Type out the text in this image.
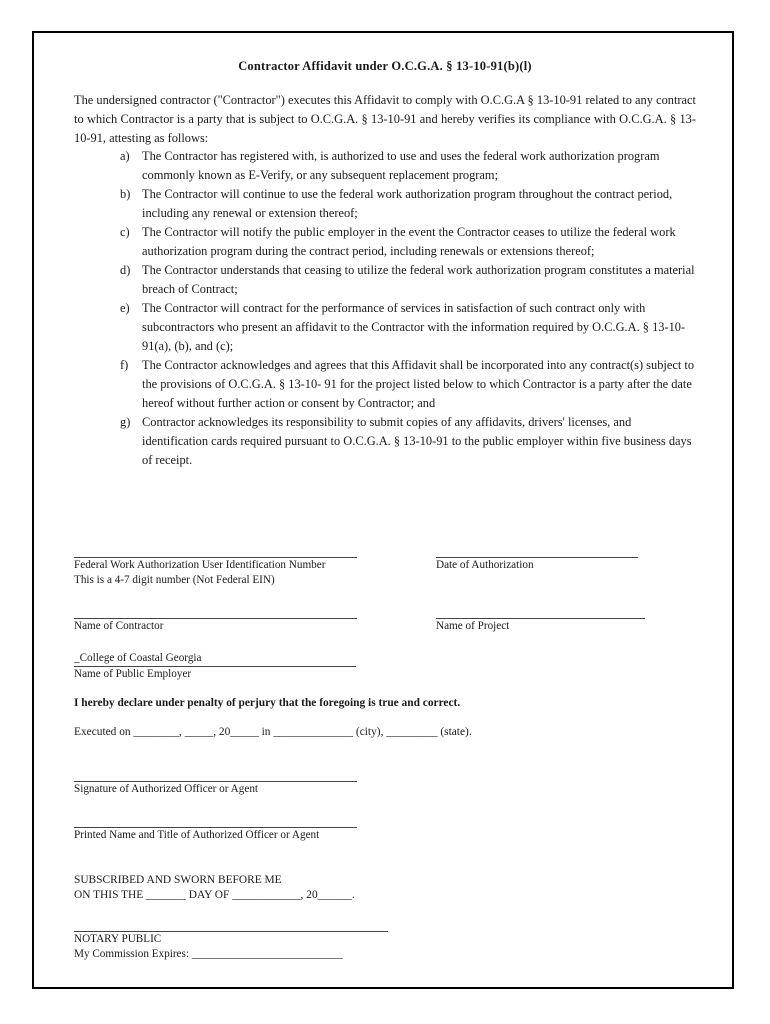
Contractor Affidavit under O.C.G.A. § 13-10-91(b)(l)

The undersigned contractor ("Contractor") executes this Affidavit to comply with O.C.G.A § 13-10-91 related to any contract to which Contractor is a party that is subject to O.C.G.A. § 13-10-91 and hereby verifies its compliance with O.C.G.A. § 13-10-91, attesting as follows:

a) The Contractor has registered with, is authorized to use and uses the federal work authorization program commonly known as E-Verify, or any subsequent replacement program;
b) The Contractor will continue to use the federal work authorization program throughout the contract period, including any renewal or extension thereof;
c) The Contractor will notify the public employer in the event the Contractor ceases to utilize the federal work authorization program during the contract period, including renewals or extensions thereof;
d) The Contractor understands that ceasing to utilize the federal work authorization program constitutes a material breach of Contract;
e) The Contractor will contract for the performance of services in satisfaction of such contract only with subcontractors who present an affidavit to the Contractor with the information required by O.C.G.A. § 13-10-91(a), (b), and (c);
f) The Contractor acknowledges and agrees that this Affidavit shall be incorporated into any contract(s) subject to the provisions of O.C.G.A. § 13-10- 91 for the project listed below to which Contractor is a party after the date hereof without further action or consent by Contractor; and
g) Contractor acknowledges its responsibility to submit copies of any affidavits, drivers' licenses, and identification cards required pursuant to O.C.G.A. § 13-10-91 to the public employer within five business days of receipt.
Federal Work Authorization User Identification Number
This is a 4-7 digit number (Not Federal EIN)
Date of Authorization
Name of Contractor	Name of Project
_College of Coastal Georgia
Name of Public Employer
I hereby declare under penalty of perjury that the foregoing is true and correct.
Executed on ________, _____, 20_____ in ______________ (city), _________ (state).
Signature of Authorized Officer or Agent
Printed Name and Title of Authorized Officer or Agent
SUBSCRIBED AND SWORN BEFORE ME
ON THIS THE _______ DAY OF ____________, 20______.
NOTARY PUBLIC
My Commission Expires: ___________________________
